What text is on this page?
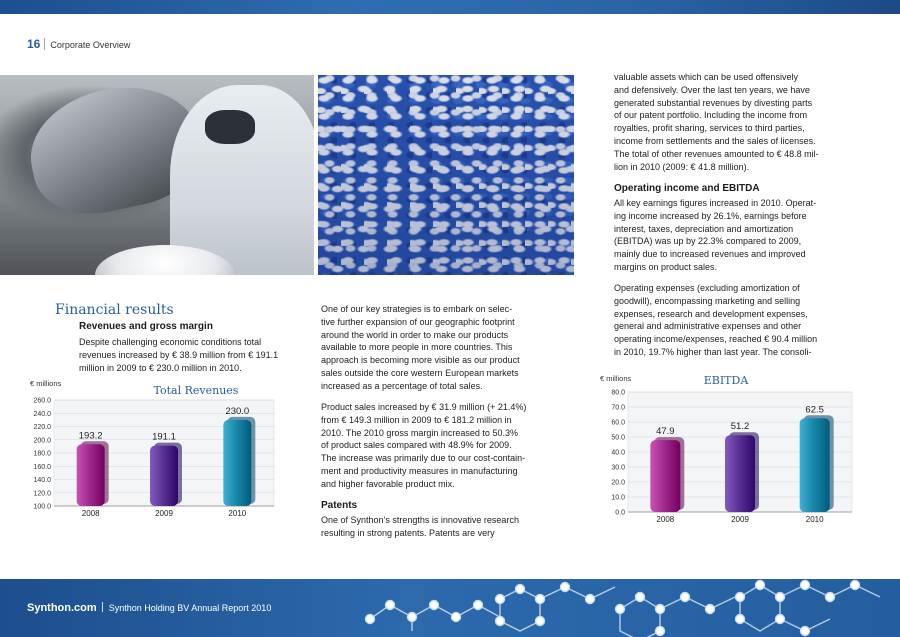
16 Corporate Overview
Financial results
Revenues and gross margin
Despite challenging economic conditions total
revenues increased by € 38.9 million from € 191.1
million in 2009 to € 230.0 million in 2010.
Total Revenues
€ millions
100.0
120.0
140.0
160.0
180.0
200.0
220.0
240.0
260.0
193.2
2008
191.1
2009
230.0
2010
One of our key strategies is to embark on selec-
tive further expansion of our geographic footprint
around the world in order to make our products
available to more people in more countries. This
approach is becoming more visible as our product
sales outside the core western European markets
increased as a percentage of total sales.
Product sales increased by € 31.9 million (+ 21.4%)
from € 149.3 million in 2009 to € 181.2 million in
2010. The 2010 gross margin increased to 50.3%
of product sales compared with 48.9% for 2009.
The increase was primarily due to our cost-contain-
ment and productivity measures in manufacturing
and higher favorable product mix.
Patents
One of Synthon’s strengths is innovative research
resulting in strong patents. Patents are very
valuable assets which can be used offensively
and defensively. Over the last ten years, we have
generated substantial revenues by divesting parts
of our patent portfolio. Including the income from
royalties, profit sharing, services to third parties,
income from settlements and the sales of licenses.
The total of other revenues amounted to € 48.8 mil-
lion in 2010 (2009: € 41.8 million).
Operating income and EBITDA
All key earnings figures increased in 2010. Operat-
ing income increased by 26.1%, earnings before
interest, taxes, depreciation and amortization
(EBITDA) was up by 22.3% compared to 2009,
mainly due to increased revenues and improved
margins on product sales.
Operating expenses (excluding amortization of
goodwill), encompassing marketing and selling
expenses, research and development expenses,
general and administrative expenses and other
operating income/expenses, reached € 90.4 million
in 2010, 19.7% higher than last year. The consoli-
EBITDA
€ millions
0.0
10.0
20.0
30.0
40.0
50.0
60.0
70.0
80.0
47.9
2008
51.2
2009
62.5
2010
Synthon.com Synthon Holding BV Annual Report 2010
